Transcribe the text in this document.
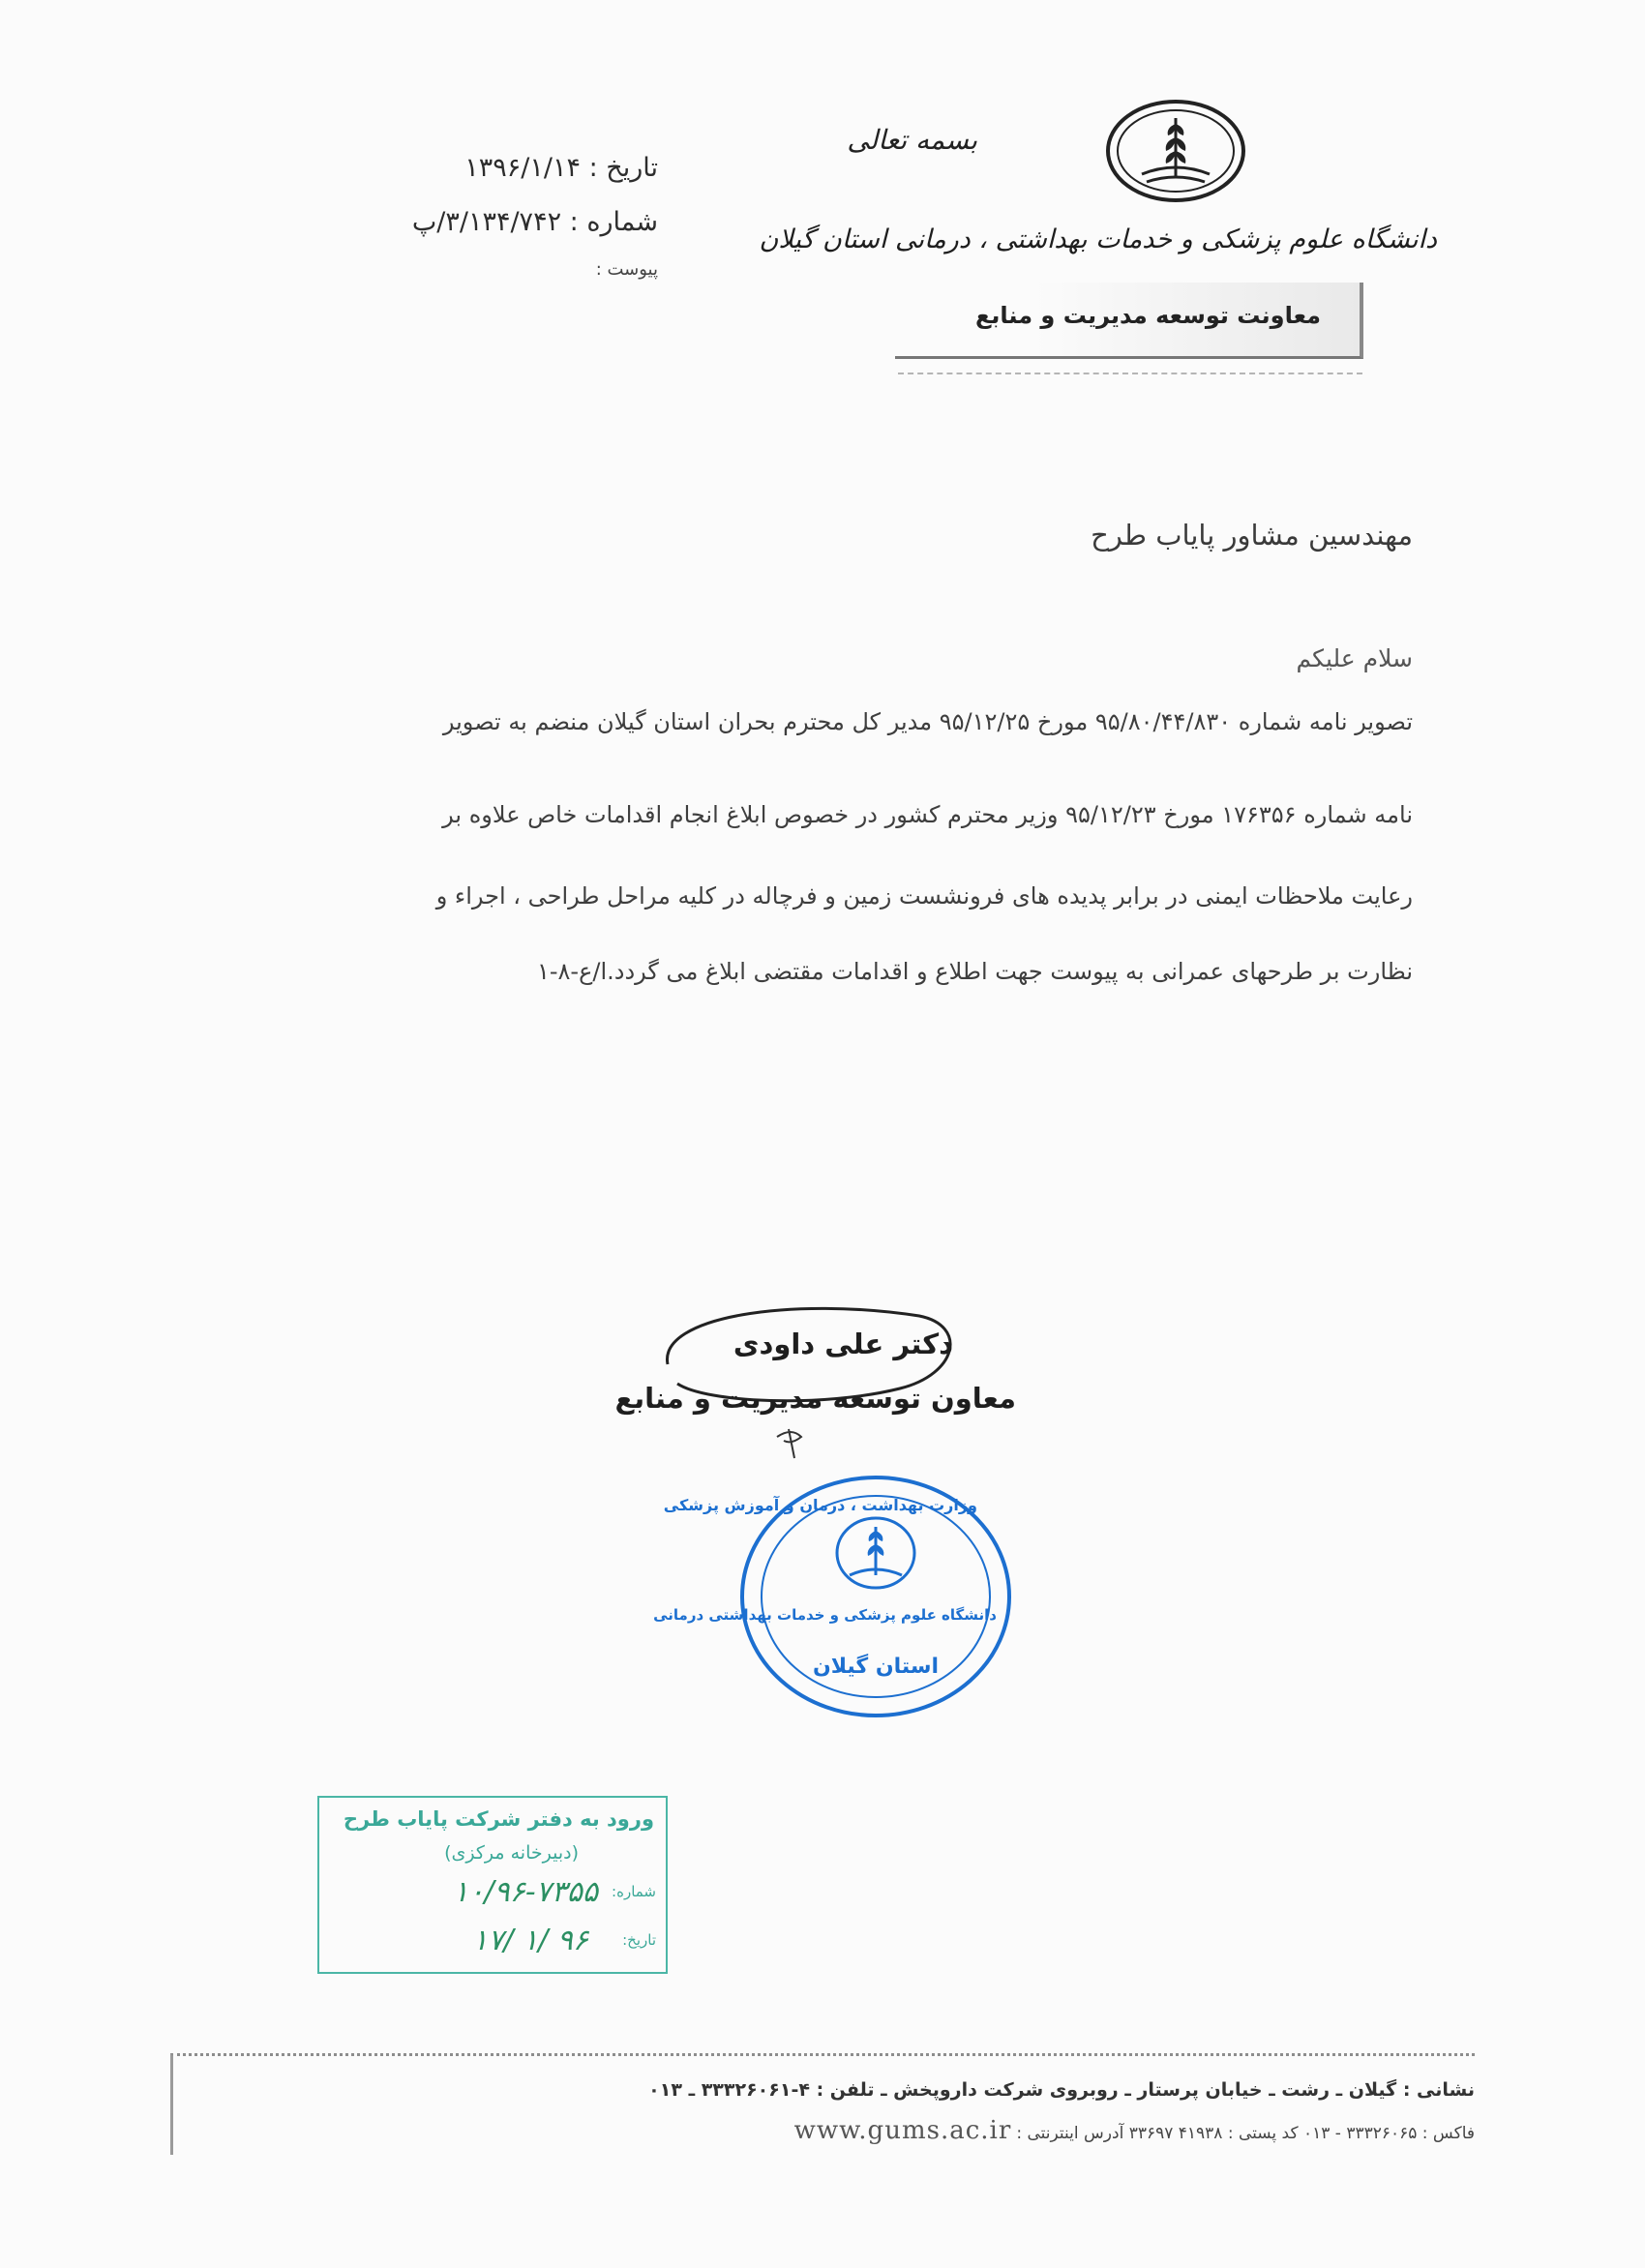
تاریخ : ۱۳۹۶/۱/۱۴
شماره : ۳/۱۳۴/۷۴۲/پ
پیوست :
بسمه تعالی
دانشگاه علوم پزشکی و خدمات بهداشتی ، درمانی استان گیلان
معاونت توسعه مدیریت و منابع
مهندسین مشاور پایاب طرح
سلام علیکم
تصویر نامه شماره ۹۵/۸۰/۴۴/۸۳۰ مورخ ۹۵/۱۲/۲۵ مدیر کل محترم بحران استان گیلان منضم به تصویر
نامه شماره ۱۷۶۳۵۶ مورخ ۹۵/۱۲/۲۳ وزیر محترم کشور در خصوص ابلاغ انجام اقدامات خاص علاوه بر
رعایت ملاحظات ایمنی در برابر پدیده های فرونشست زمین و فرچاله در کلیه مراحل طراحی ، اجراء و
نظارت بر طرحهای عمرانی به پیوست جهت اطلاع و اقدامات مقتضی ابلاغ می گردد.ا/ع-۸-۱
دکتر علی داودی
معاون توسعه مدیریت و منابع
وزارت بهداشت ، درمان و آموزش پزشکی
دانشگاه علوم پزشکی و خدمات بهداشتی درمانی
استان گیلان
ورود به دفتر شرکت پایاب طرح
(دبیرخانه مرکزی)
شماره:
۱۰/۹۶-۷۳۵۵
تاریخ:
۹۶ /۱ /۱۷
نشانی : گیلان ـ رشت ـ خیابان پرستار ـ روبروی شرکت داروپخش ـ تلفن : ۴-۳۳۳۲۶۰۶۱ ـ ۰۱۳
فاکس : ۳۳۳۲۶۰۶۵ - ۰۱۳ کد پستی : ۴۱۹۳۸ ۳۳۶۹۷ آدرس اینترنتی : www.gums.ac.ir
